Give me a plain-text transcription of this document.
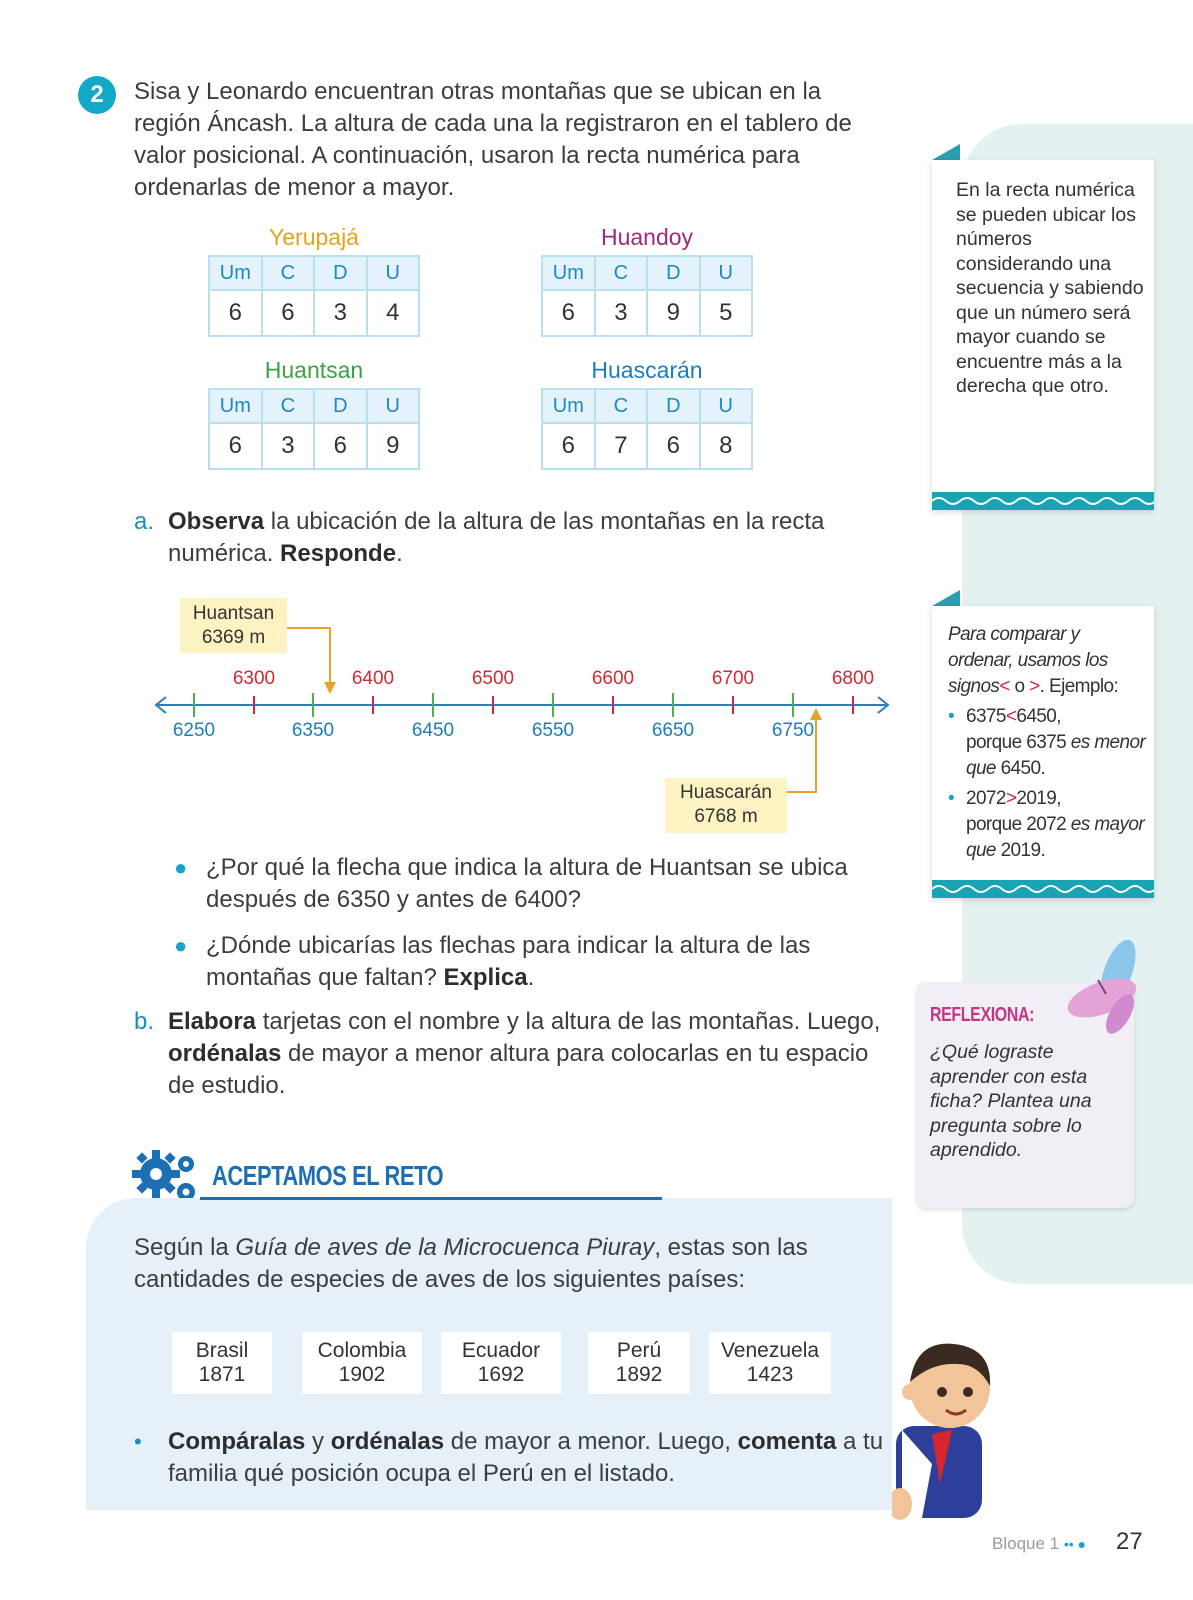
2	Sisa y Leonardo encuentran otras montañas que se ubican en la región Áncash. La altura de cada una la registraron en el tablero de valor posicional. A continuación, usaron la recta numérica para ordenarlas de menor a mayor.
Yerupajá
Um	C	D	U
6	6	3	4
Huandoy
Um	C	D	U
6	3	9	5
Huantsan
Um	C	D	U
6	3	6	9
Huascarán
Um	C	D	U
6	7	6	8
En la recta numérica se pueden ubicar los números considerando una secuencia y sabiendo que un número será mayor cuando se encuentre más a la derecha que otro.
a. Observa la ubicación de la altura de las montañas en la recta numérica. Responde.
Huantsan
6369 m
6300	6400	6500	6600	6700	6800
6250	6350	6450	6550	6650	6750
Huascarán
6768 m
Para comparar y ordenar, usamos los signos< o >. Ejemplo:
• 6375<6450,
porque 6375 es menor que 6450.
• 2072>2019,
porque 2072 es mayor que 2019.
● ¿Por qué la flecha que indica la altura de Huantsan se ubica después de 6350 y antes de 6400?
● ¿Dónde ubicarías las flechas para indicar la altura de las montañas que faltan? Explica.
b. Elabora tarjetas con el nombre y la altura de las montañas. Luego, ordénalas de mayor a menor altura para colocarlas en tu espacio de estudio.
REFLEXIONA:
¿Qué lograste aprender con esta ficha? Plantea una pregunta sobre lo aprendido.
ACEPTAMOS EL RETO
Según la Guía de aves de la Microcuenca Piuray, estas son las cantidades de especies de aves de los siguientes países:
Brasil
1871
Colombia
1902
Ecuador
1692
Perú
1892
Venezuela
1423
• Compáralas y ordénalas de mayor a menor. Luego, comenta a tu familia qué posición ocupa el Perú en el listado.
Bloque 1 •• ● 27
